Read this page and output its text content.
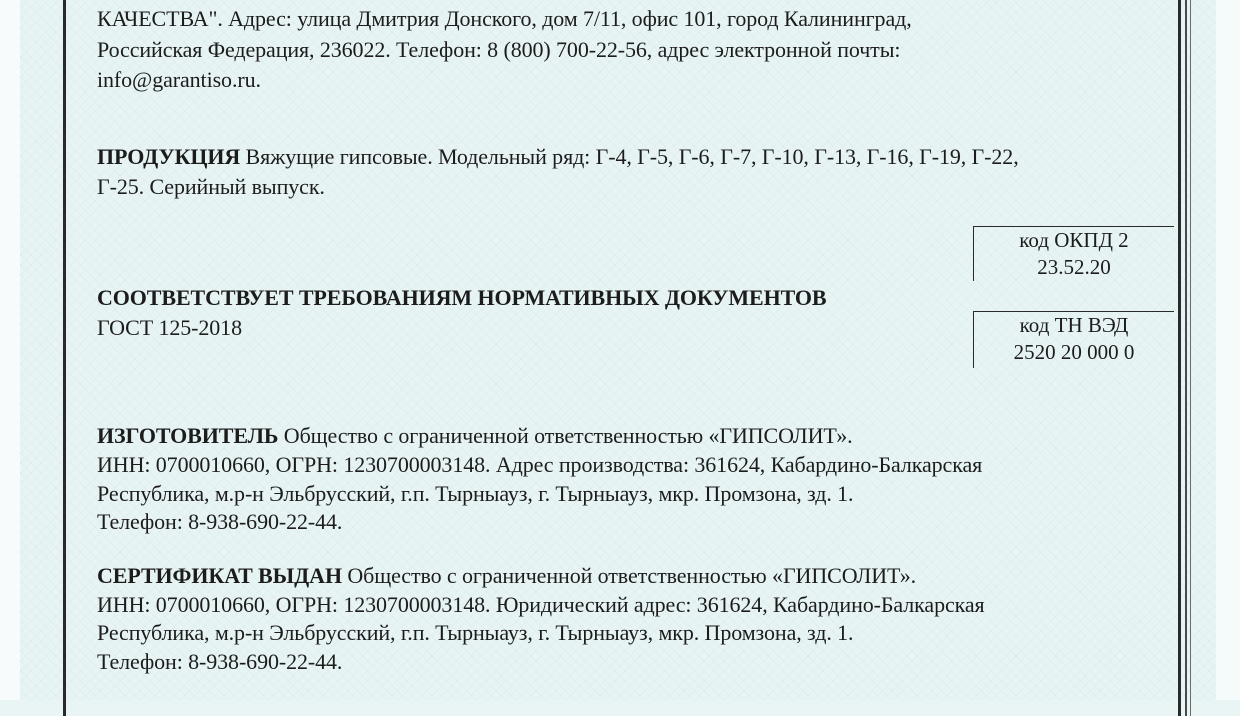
КАЧЕСТВА". Адрес: улица Дмитрия Донского, дом 7/11, офис 101, город Калининград,
Российская Федерация, 236022. Телефон: 8 (800) 700-22-56, адрес электронной почты:
info@garantiso.ru.
ПРОДУКЦИЯ Вяжущие гипсовые. Модельный ряд: Г-4, Г-5, Г-6, Г-7, Г-10, Г-13, Г-16, Г-19, Г-22,
Г-25. Серийный выпуск.
код ОКПД 2
23.52.20
СООТВЕТСТВУЕТ ТРЕБОВАНИЯМ НОРМАТИВНЫХ ДОКУМЕНТОВ
ГОСТ 125-2018	код ТН ВЭД
2520 20 000 0
ИЗГОТОВИТЕЛЬ Общество с ограниченной ответственностью «ГИПСОЛИТ».
ИНН: 0700010660, ОГРН: 1230700003148. Адрес производства: 361624, Кабардино-Балкарская
Республика, м.р-н Эльбрусский, г.п. Тырныауз, г. Тырныауз, мкр. Промзона, зд. 1.
Телефон: 8-938-690-22-44.
СЕРТИФИКАТ ВЫДАН Общество с ограниченной ответственностью «ГИПСОЛИТ».
ИНН: 0700010660, ОГРН: 1230700003148. Юридический адрес: 361624, Кабардино-Балкарская
Республика, м.р-н Эльбрусский, г.п. Тырныауз, г. Тырныауз, мкр. Промзона, зд. 1.
Телефон: 8-938-690-22-44.
